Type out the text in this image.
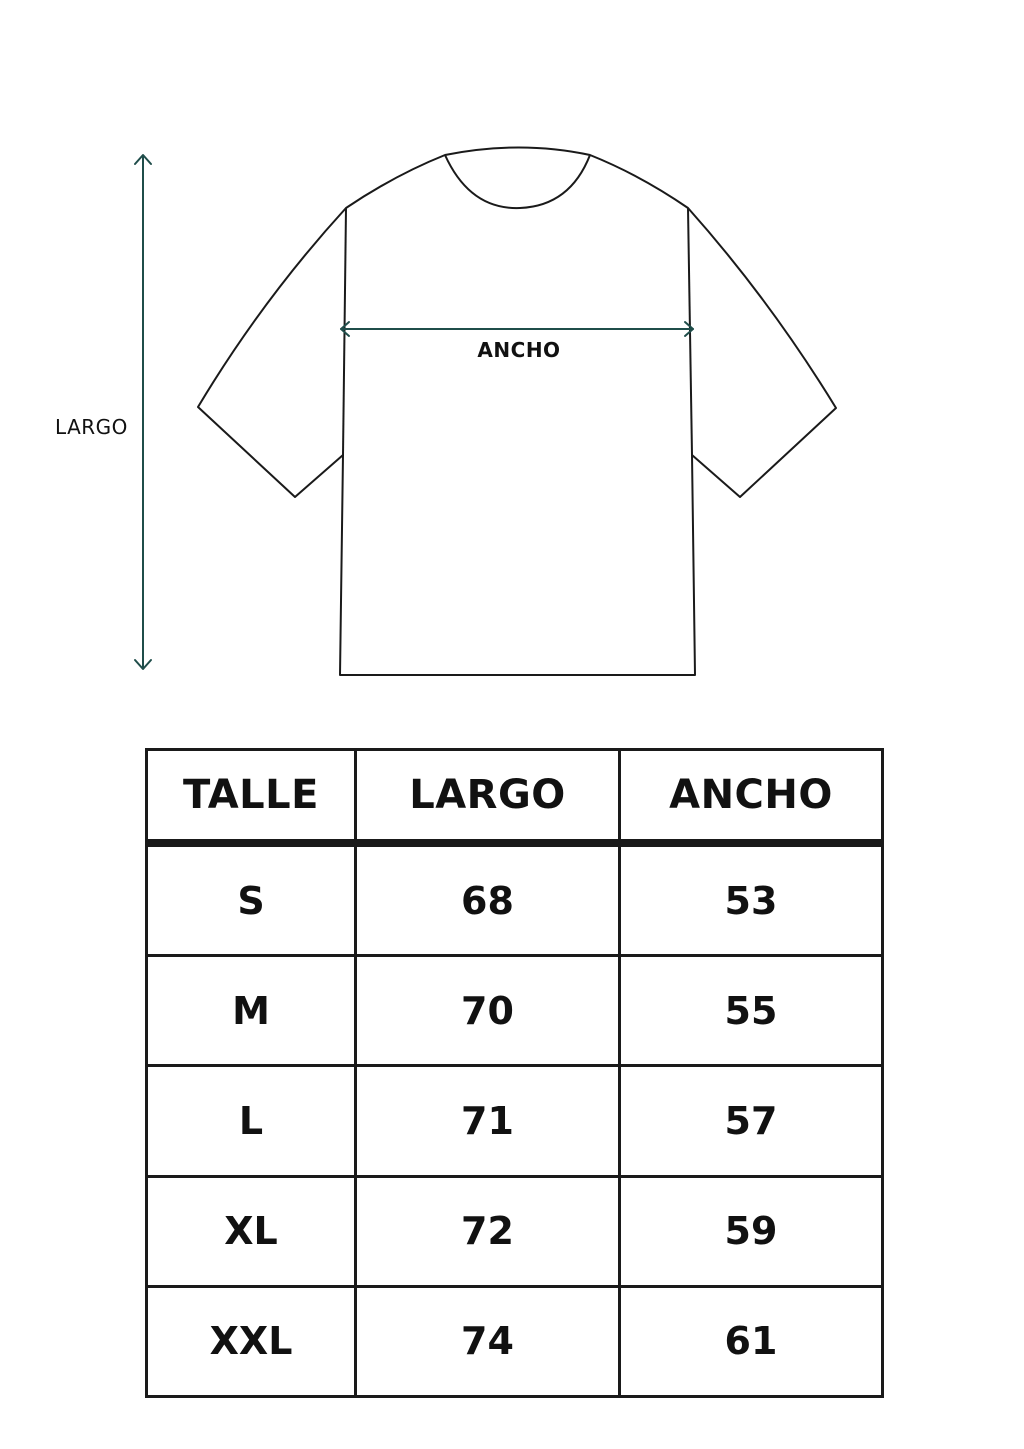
LARGO
ANCHO
TALLE	LARGO	ANCHO
S	68	53
M	70	55
L	71	57
XL	72	59
XXL	74	61
